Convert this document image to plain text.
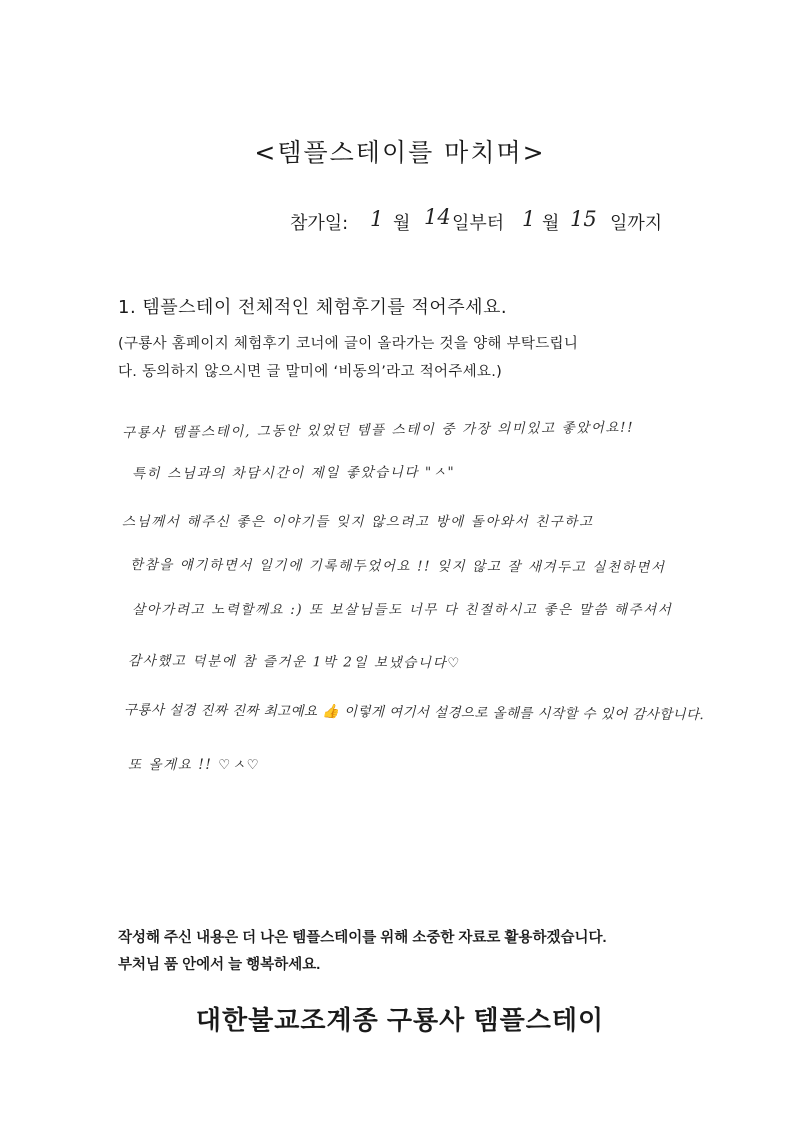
<템플스테이를 마치며>
참가일: 1 월 14 일부터 1 월 15 일까지
1. 템플스테이 전체적인 체험후기를 적어주세요.
(구룡사 홈페이지 체험후기 코너에 글이 올라가는 것을 양해 부탁드립니
다. 동의하지 않으시면 글 말미에 ‘비동의’라고 적어주세요.)
구룡사 템플스테이, 그동안 있었던 템플 스테이 중 가장 의미있고 좋았어요!!
특히 스님과의 차담시간이 제일 좋았습니다 "ㅅ"
스님께서 해주신 좋은 이야기들 잊지 않으려고 방에 돌아와서 친구하고
한참을 얘기하면서 일기에 기록해두었어요 !! 잊지 않고 잘 새겨두고 실천하면서
살아가려고 노력할께요 :) 또 보살님들도 너무 다 친절하시고 좋은 말씀 해주셔서
감사했고 덕분에 참 즐거운 1박 2일 보냈습니다♡
구룡사 설경 진짜 진짜 최고예요 👍 이렇게 여기서 설경으로 올해를 시작할 수 있어 감사합니다.
또 올게요 !! ♡ㅅ♡
작성해 주신 내용은 더 나은 템플스테이를 위해 소중한 자료로 활용하겠습니다.
부처님 품 안에서 늘 행복하세요.
대한불교조계종 구룡사 템플스테이
